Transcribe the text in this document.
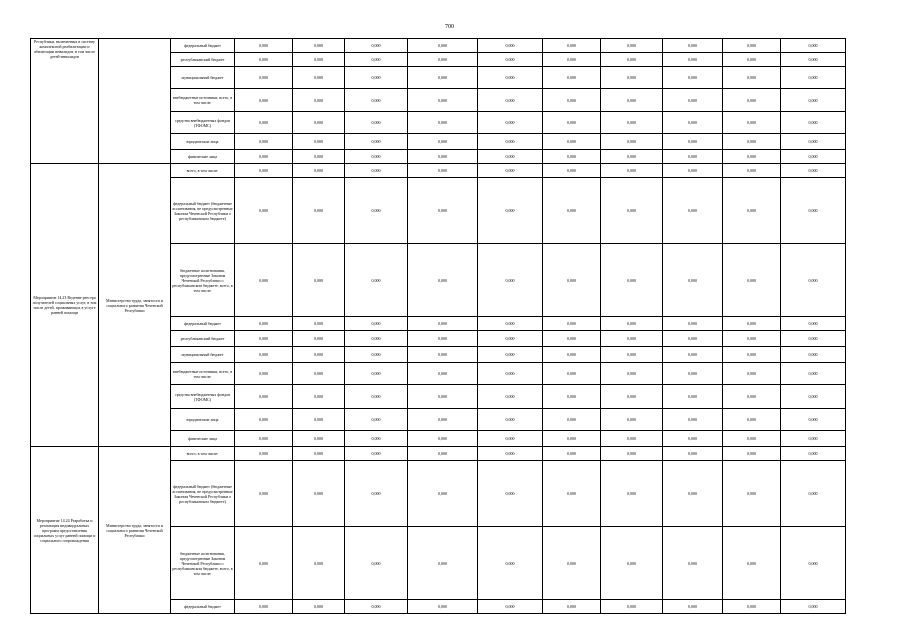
700
Республики, включенных в систему комплексной реабилитации и абилитации инвалидов, в том числе детей-инвалидов		федеральный бюджет	0,000	0,000	0,000	0,000	0,000	0,000	0,000	0,000	0,000	0,000
		республиканский бюджет	0,000	0,000	0,000	0,000	0,000	0,000	0,000	0,000	0,000	0,000
		муниципальный бюджет	0,000	0,000	0,000	0,000	0,000	0,000	0,000	0,000	0,000	0,000
		внебюджетные источники, всего, в том числе:	0,000	0,000	0,000	0,000	0,000	0,000	0,000	0,000	0,000	0,000
		средства внебюджетных фондов (ТФОМС)	0,000	0,000	0,000	0,000	0,000	0,000	0,000	0,000	0,000	0,000
		юридические лица	0,000	0,000	0,000	0,000	0,000	0,000	0,000	0,000	0,000	0,000
		физические лица	0,000	0,000	0,000	0,000	0,000	0,000	0,000	0,000	0,000	0,000
Мероприятие 14.23 Ведение реестра получателей социальных услуг, в том числе детей, проживающих в услуге ранней помощи	Министерство труда, занятости и социального развития Чеченской Республики	всего, в том числе:	0,000	0,000	0,000	0,000	0,000	0,000	0,000	0,000	0,000	0,000
		федеральный бюджет (бюджетные ассигнования, не предусмотренные Законом Чеченской Республики о республиканском бюджете)	0,000	0,000	0,000	0,000	0,000	0,000	0,000	0,000	0,000	0,000
		бюджетные ассигнования, предусмотренные Законом Чеченской Республики о республиканском бюджете, всего, в том числе:	0,000	0,000	0,000	0,000	0,000	0,000	0,000	0,000	0,000	0,000
		федеральный бюджет	0,000	0,000	0,000	0,000	0,000	0,000	0,000	0,000	0,000	0,000
		республиканский бюджет	0,000	0,000	0,000	0,000	0,000	0,000	0,000	0,000	0,000	0,000
		муниципальный бюджет	0,000	0,000	0,000	0,000	0,000	0,000	0,000	0,000	0,000	0,000
		внебюджетные источники, всего, в том числе:	0,000	0,000	0,000	0,000	0,000	0,000	0,000	0,000	0,000	0,000
		средства внебюджетных фондов (ТФОМС)	0,000	0,000	0,000	0,000	0,000	0,000	0,000	0,000	0,000	0,000
		юридические лица	0,000	0,000	0,000	0,000	0,000	0,000	0,000	0,000	0,000	0,000
		физические лица	0,000	0,000	0,000	0,000	0,000	0,000	0,000	0,000	0,000	0,000
Мероприятие 14.24 Разработка и реализация индивидуальных программ предоставления социальных услуг ранней помощи и социального сопровождения	Министерство труда, занятости и социального развития Чеченской Республики	всего, в том числе:	0,000	0,000	0,000	0,000	0,000	0,000	0,000	0,000	0,000	0,000
		федеральный бюджет (бюджетные ассигнования, не предусмотренные Законом Чеченской Республики о республиканском бюджете)	0,000	0,000	0,000	0,000	0,000	0,000	0,000	0,000	0,000	0,000
		бюджетные ассигнования, предусмотренные Законом Чеченской Республики о республиканском бюджете, всего, в том числе:	0,000	0,000	0,000	0,000	0,000	0,000	0,000	0,000	0,000	0,000
		федеральный бюджет	0,000	0,000	0,000	0,000	0,000	0,000	0,000	0,000	0,000	0,000
